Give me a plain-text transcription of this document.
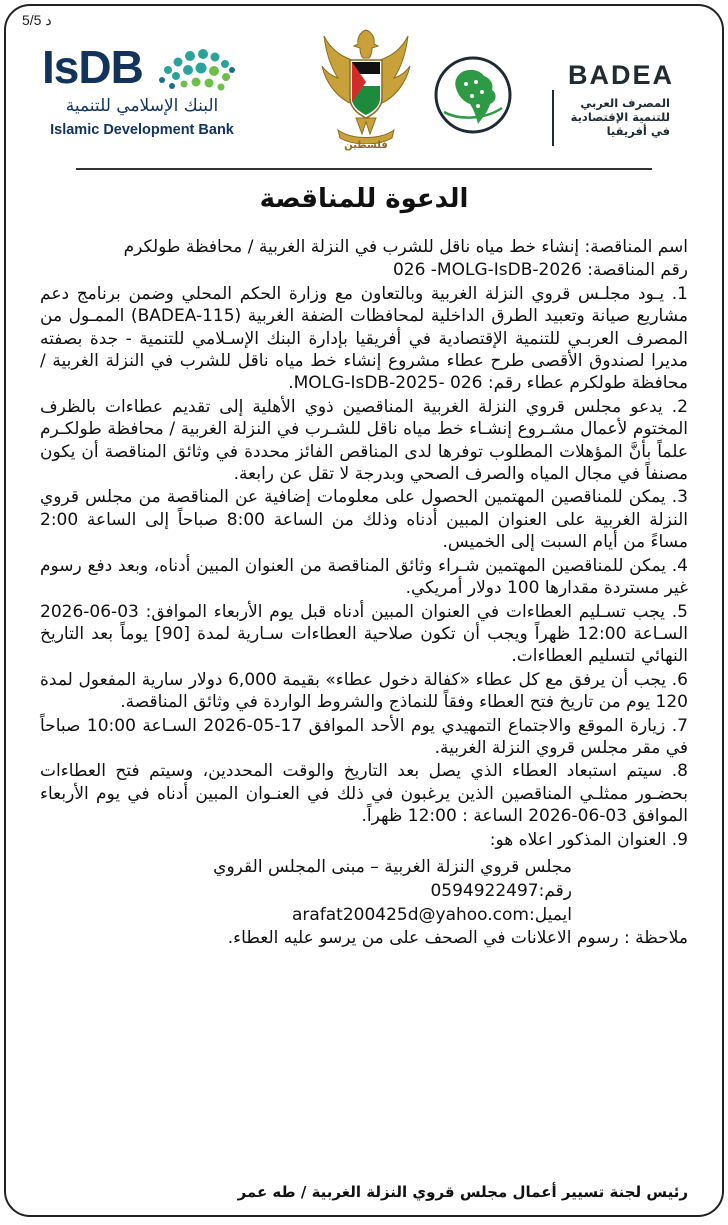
5/5 د
IsDB
البنك الإسلامي للتنمية
Islamic Development Bank
فلسطين
BADEA
المصرف العربي
للتنمية الإقتصادية
في أفريقيا
الدعوة للمناقصة

اسم المناقصة: إنشاء خط مياه ناقل للشرب في النزلة الغربية / محافظة طولكرم

رقم المناقصة: 026 -MOLG-IsDB-2026

1. يـود مجلـس قروي النزلة الغربية وبالتعاون مع وزارة الحكم المحلي وضمن برنامج دعم مشاريع صيانة وتعبيد الطرق الداخلية لمحافظات الضفة الغربية (BADEA-115) الممـول من المصرف العربـي للتنمية الإقتصادية في أفريقيا بإدارة البنك الإسـلامي للتنمية - جدة بصفته مديرا لصندوق الأقصى طرح عطاء مشروع إنشاء خط مياه ناقل للشرب في النزلة الغربية / محافظة طولكرم عطاء رقم: 026 -MOLG-IsDB-2025.

2. يدعو مجلس قروي النزلة الغربية المناقصين ذوي الأهلية إلى تقديم عطاءات بالظرف المختوم لأعمال مشـروع إنشـاء خط مياه ناقل للشـرب في النزلة الغربية / محافظة طولكـرم علماً بأنَّ المؤهلات المطلوب توفرها لدى المناقص الفائز محددة في وثائق المناقصة أن يكون مصنفاً في مجال المياه والصرف الصحي وبدرجة لا تقل عن رابعة.

3. يمكن للمناقصين المهتمين الحصول على معلومات إضافية عن المناقصة من مجلس قروي النزلة الغربية على العنوان المبين أدناه وذلك من الساعة 8:00 صباحاً إلى الساعة 2:00 مساءً من أيام السبت إلى الخميس.

4. يمكن للمناقصين المهتمين شـراء وثائق المناقصة من العنوان المبين أدناه، وبعد دفع رسوم غير مستردة مقدارها 100 دولار أمريكي.

5. يجب تسـليم العطاءات في العنوان المبين أدناه قبل يوم الأربعاء الموافق: 03-06-2026 السـاعة 12:00 ظهراً ويجب أن تكون صلاحية العطاءات سـارية لمدة [90] يوماً بعد التاريخ النهائي لتسليم العطاءات.

6. يجب أن يرفق مع كل عطاء «كفالة دخول عطاء» بقيمة 6,000 دولار سارية المفعول لمدة 120 يوم من تاريخ فتح العطاء وفقاً للنماذج والشروط الواردة في وثائق المناقصة.

7. زيارة الموقع والاجتماع التمهيدي يوم الأحد الموافق 17-05-2026 السـاعة 10:00 صباحاً في مقر مجلس قروي النزلة الغربية.

8. سيتم استبعاد العطاء الذي يصل بعد التاريخ والوقت المحددين، وسيتم فتح العطاءات بحضـور ممثلـي المناقصين الذين يرغبون في ذلك في العنـوان المبين أدناه في يوم الأربعاء الموافق 03-06-2026 الساعة : 12:00 ظهراً.

9. العنوان المذكور اعلاه هو:

مجلس قروي النزلة الغربية – مبنى المجلس القروي
رقم:0594922497
ايميل:arafat200425d@yahoo.com

ملاحظة : رسوم الاعلانات في الصحف على من يرسو عليه العطاء.

رئيس لجنة تسيير أعمال مجلس قروي النزلة الغربية / طه عمر
